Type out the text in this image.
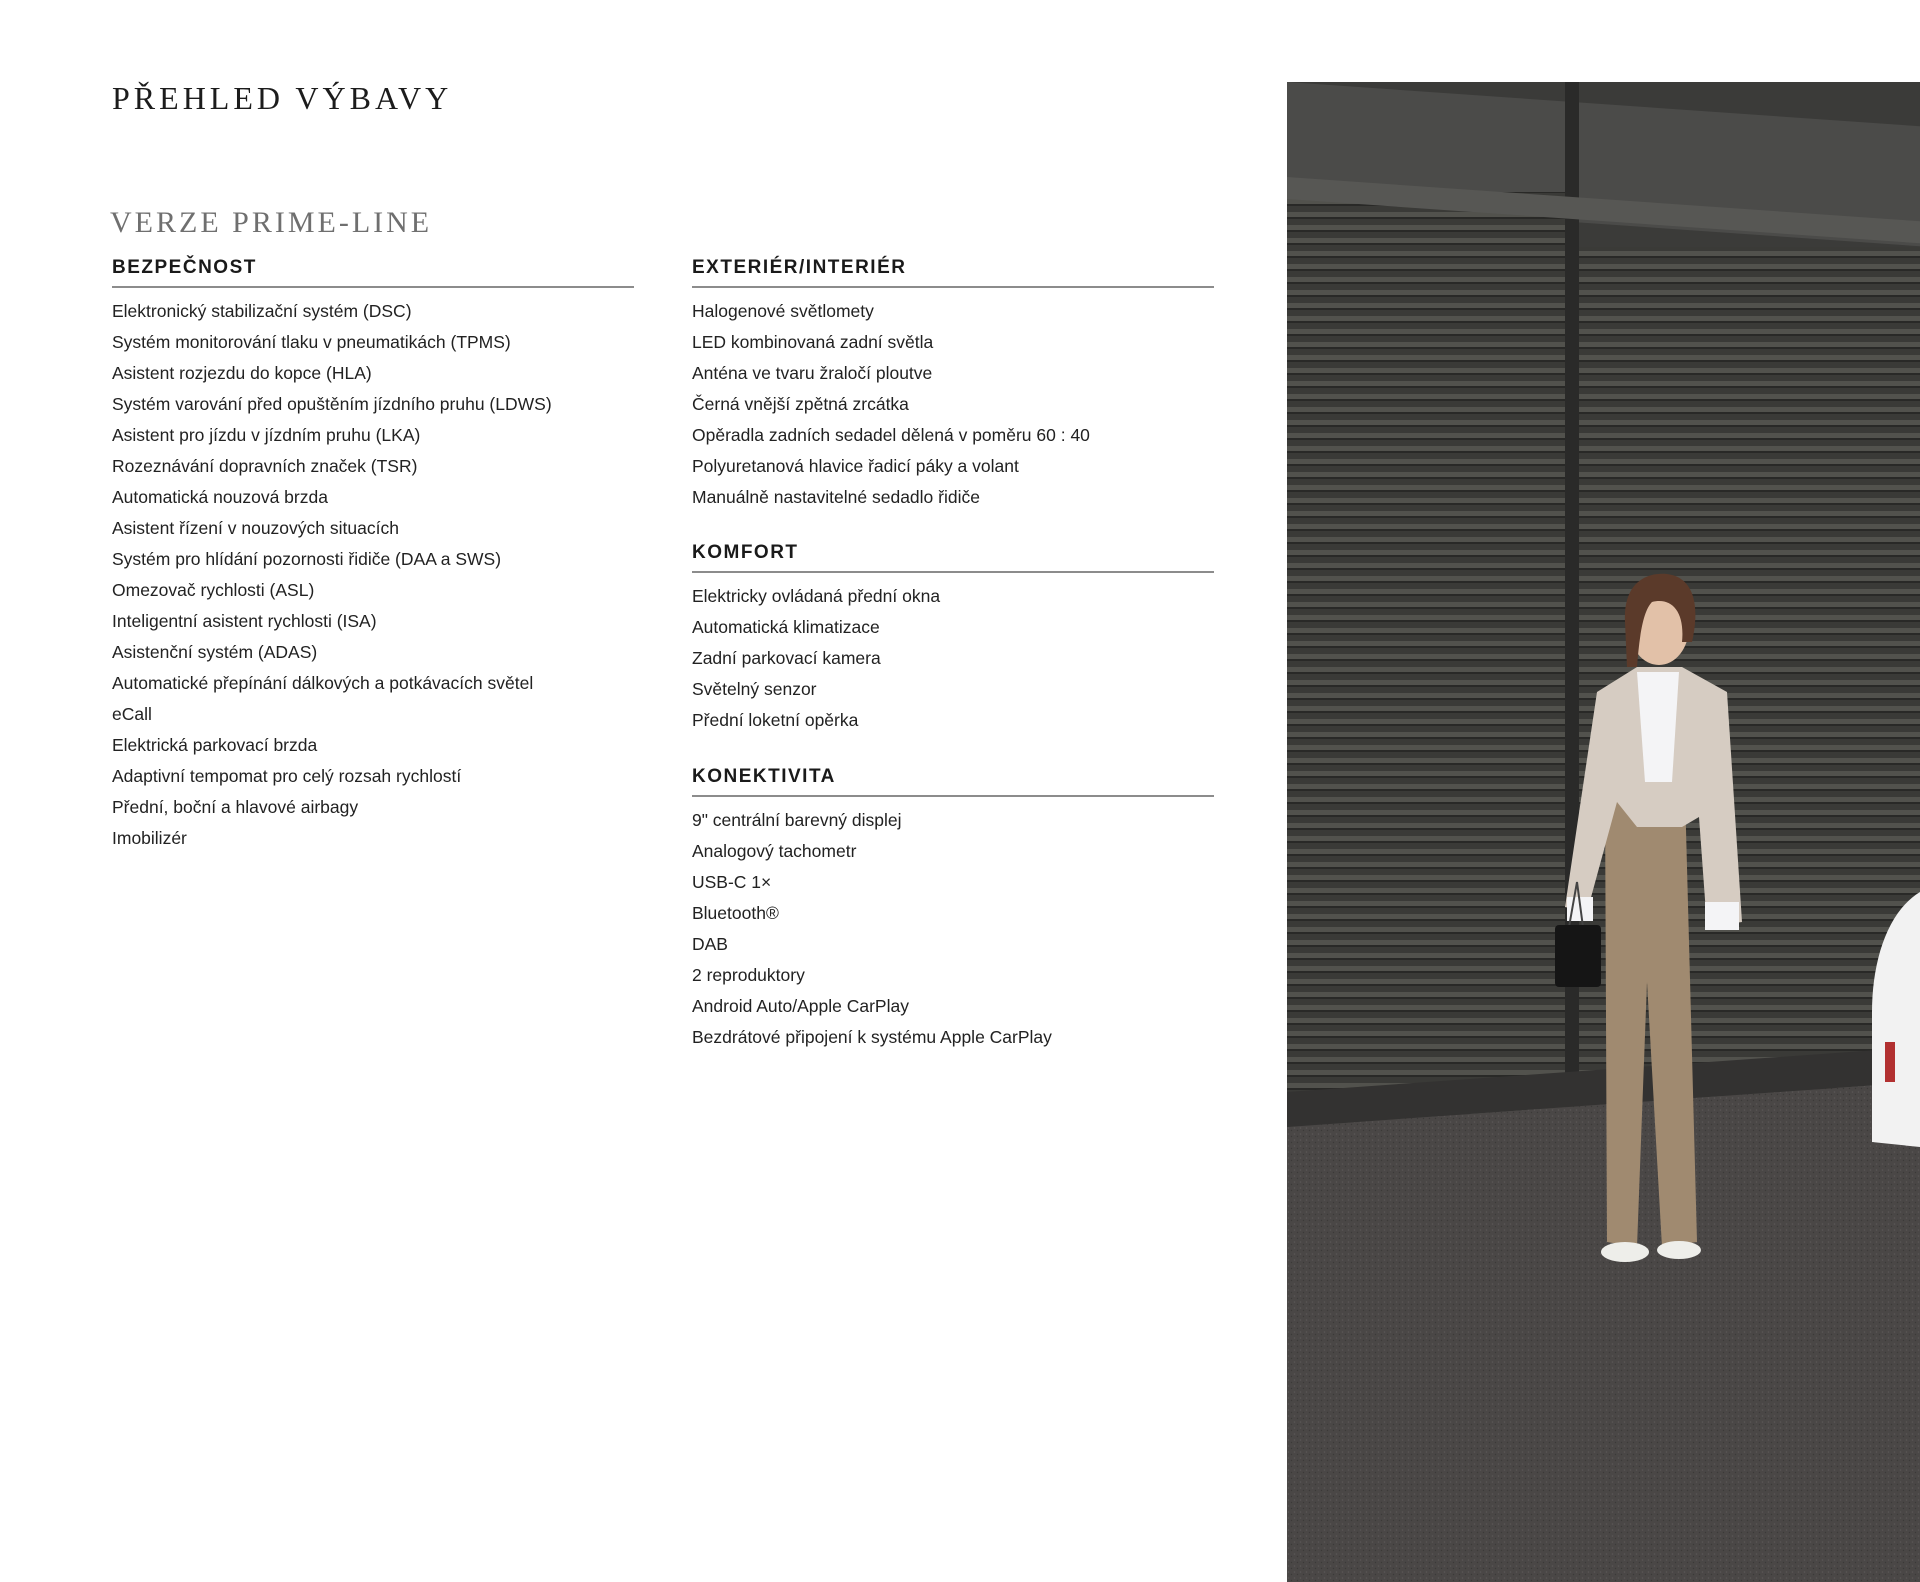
PŘEHLED VÝBAVY
VERZE PRIME-LINE
BEZPEČNOST
Elektronický stabilizační systém (DSC)
Systém monitorování tlaku v pneumatikách (TPMS)
Asistent rozjezdu do kopce (HLA)
Systém varování před opuštěním jízdního pruhu (LDWS)
Asistent pro jízdu v jízdním pruhu (LKA)
Rozeznávání dopravních značek (TSR)
Automatická nouzová brzda
Asistent řízení v nouzových situacích
Systém pro hlídání pozornosti řidiče (DAA a SWS)
Omezovač rychlosti (ASL)
Inteligentní asistent rychlosti (ISA)
Asistenční systém (ADAS)
Automatické přepínání dálkových a potkávacích světel
eCall
Elektrická parkovací brzda
Adaptivní tempomat pro celý rozsah rychlostí
Přední, boční a hlavové airbagy
Imobilizér
EXTERIÉR/INTERIÉR
Halogenové světlomety
LED kombinovaná zadní světla
Anténa ve tvaru žraločí ploutve
Černá vnější zpětná zrcátka
Opěradla zadních sedadel dělená v poměru 60 : 40
Polyuretanová hlavice řadicí páky a volant
Manuálně nastavitelné sedadlo řidiče
KOMFORT
Elektricky ovládaná přední okna
Automatická klimatizace
Zadní parkovací kamera
Světelný senzor
Přední loketní opěrka
KONEKTIVITA
9" centrální barevný displej
Analogový tachometr
USB-C 1×
Bluetooth®
DAB
2 reproduktory
Android Auto/Apple CarPlay
Bezdrátové připojení k systému Apple CarPlay
